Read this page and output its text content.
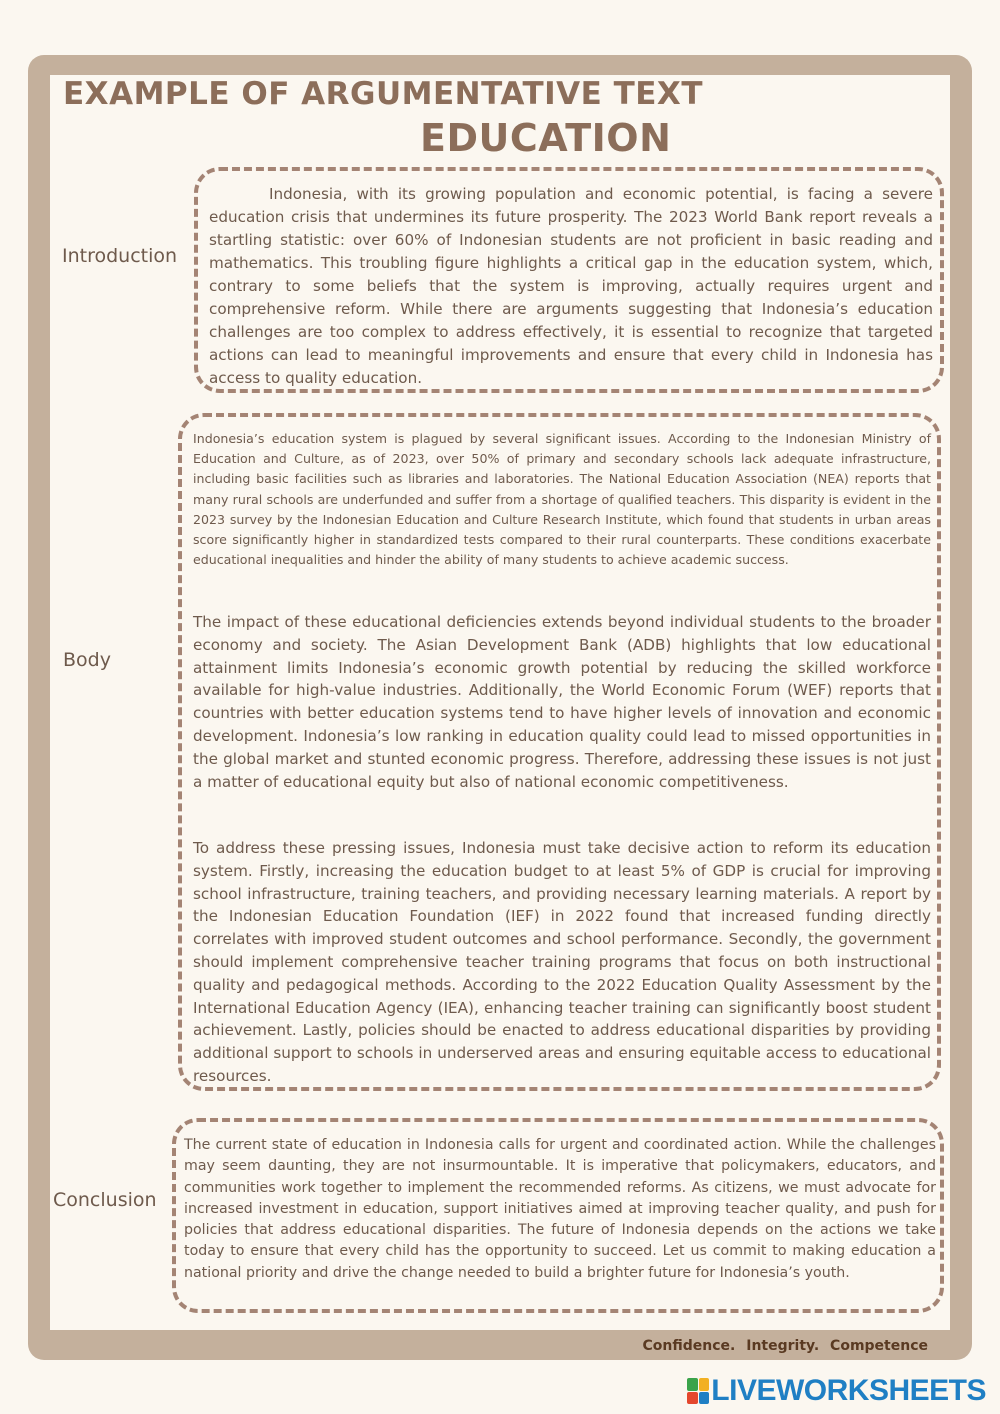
EXAMPLE OF ARGUMENTATIVE TEXT
EDUCATION
Introduction

Indonesia, with its growing population and economic potential, is facing a severe education crisis that undermines its future prosperity. The 2023 World Bank report reveals a startling statistic: over 60% of Indonesian students are not proficient in basic reading and mathematics. This troubling figure highlights a critical gap in the education system, which, contrary to some beliefs that the system is improving, actually requires urgent and comprehensive reform. While there are arguments suggesting that Indonesia’s education challenges are too complex to address effectively, it is essential to recognize that targeted actions can lead to meaningful improvements and ensure that every child in Indonesia has access to quality education.

Body

Indonesia’s education system is plagued by several significant issues. According to the Indonesian Ministry of Education and Culture, as of 2023, over 50% of primary and secondary schools lack adequate infrastructure, including basic facilities such as libraries and laboratories. The National Education Association (NEA) reports that many rural schools are underfunded and suffer from a shortage of qualified teachers. This disparity is evident in the 2023 survey by the Indonesian Education and Culture Research Institute, which found that students in urban areas score significantly higher in standardized tests compared to their rural counterparts. These conditions exacerbate educational inequalities and hinder the ability of many students to achieve academic success.

The impact of these educational deficiencies extends beyond individual students to the broader economy and society. The Asian Development Bank (ADB) highlights that low educational attainment limits Indonesia’s economic growth potential by reducing the skilled workforce available for high-value industries. Additionally, the World Economic Forum (WEF) reports that countries with better education systems tend to have higher levels of innovation and economic development. Indonesia’s low ranking in education quality could lead to missed opportunities in the global market and stunted economic progress. Therefore, addressing these issues is not just a matter of educational equity but also of national economic competitiveness.

To address these pressing issues, Indonesia must take decisive action to reform its education system. Firstly, increasing the education budget to at least 5% of GDP is crucial for improving school infrastructure, training teachers, and providing necessary learning materials. A report by the Indonesian Education Foundation (IEF) in 2022 found that increased funding directly correlates with improved student outcomes and school performance. Secondly, the government should implement comprehensive teacher training programs that focus on both instructional quality and pedagogical methods. According to the 2022 Education Quality Assessment by the International Education Agency (IEA), enhancing teacher training can significantly boost student achievement. Lastly, policies should be enacted to address educational disparities by providing additional support to schools in underserved areas and ensuring equitable access to educational resources.

Conclusion

The current state of education in Indonesia calls for urgent and coordinated action. While the challenges may seem daunting, they are not insurmountable. It is imperative that policymakers, educators, and communities work together to implement the recommended reforms. As citizens, we must advocate for increased investment in education, support initiatives aimed at improving teacher quality, and push for policies that address educational disparities. The future of Indonesia depends on the actions we take today to ensure that every child has the opportunity to succeed. Let us commit to making education a national priority and drive the change needed to build a brighter future for Indonesia’s youth.

Confidence. Integrity. Competence
LIVEWORKSHEETS
